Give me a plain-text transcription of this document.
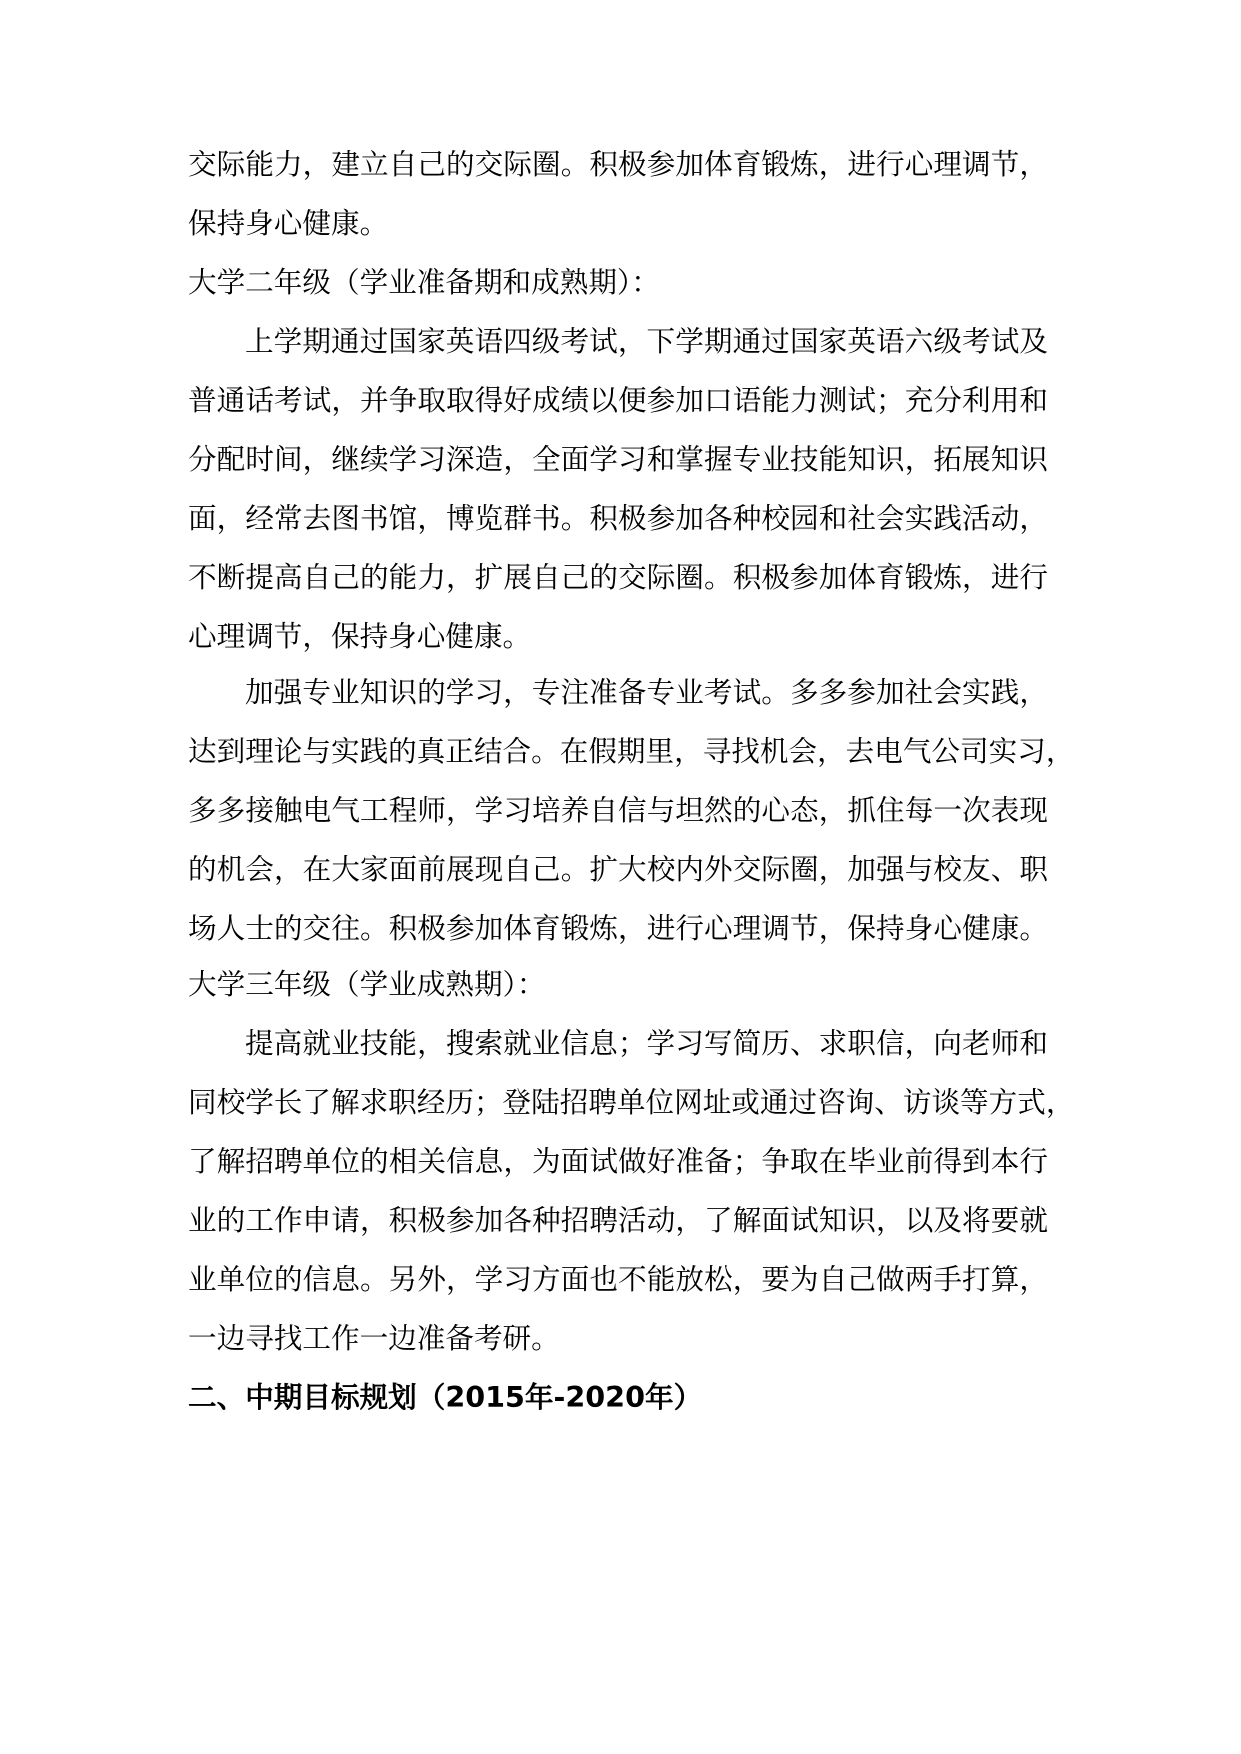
交际能力，建立自己的交际圈。积极参加体育锻炼，进行心理调节，
保持身心健康。
大学二年级（学业准备期和成熟期）：
上学期通过国家英语四级考试，下学期通过国家英语六级考试及
普通话考试，并争取取得好成绩以便参加口语能力测试；充分利用和
分配时间，继续学习深造，全面学习和掌握专业技能知识，拓展知识
面，经常去图书馆，博览群书。积极参加各种校园和社会实践活动，
不断提高自己的能力，扩展自己的交际圈。积极参加体育锻炼，进行
心理调节，保持身心健康。
加强专业知识的学习，专注准备专业考试。多多参加社会实践，
达到理论与实践的真正结合。在假期里，寻找机会，去电气公司实习，
多多接触电气工程师，学习培养自信与坦然的心态，抓住每一次表现
的机会，在大家面前展现自己。扩大校内外交际圈，加强与校友、职
场人士的交往。积极参加体育锻炼，进行心理调节，保持身心健康。
大学三年级（学业成熟期）：
提高就业技能，搜索就业信息；学习写简历、求职信，向老师和
同校学长了解求职经历；登陆招聘单位网址或通过咨询、访谈等方式，
了解招聘单位的相关信息，为面试做好准备；争取在毕业前得到本行
业的工作申请，积极参加各种招聘活动，了解面试知识，以及将要就
业单位的信息。另外，学习方面也不能放松，要为自己做两手打算，
一边寻找工作一边准备考研。
二、中期目标规划（2015年-2020年）
